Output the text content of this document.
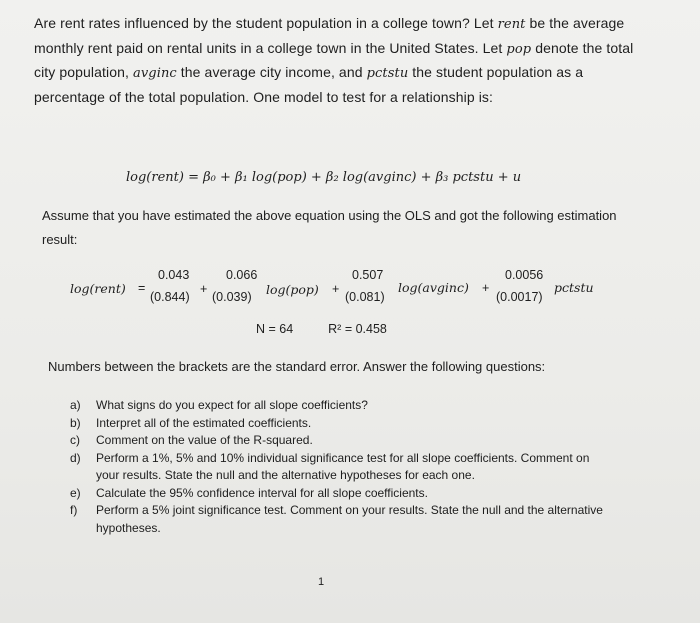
Are rent rates influenced by the student population in a college town? Let rent be the average monthly rent paid on rental units in a college town in the United States. Let pop denote the total city population, avginc the average city income, and pctstu the student population as a percentage of the total population. One model to test for a relationship is:

log(rent) = β₀ + β₁ log(pop) + β₂ log(avginc) + β₃ pctstu + u

Assume that you have estimated the above equation using the OLS and got the following estimation result:

log(rent) =
0.043
(0.844)
+
0.066
(0.039) log(pop) +
0.507
(0.081)
log(avginc) +
0.0056
(0.0017)
pctstu
N = 64	R² = 0.458
Numbers between the brackets are the standard error. Answer the following questions:
a) What signs do you expect for all slope coefficients?
b) Interpret all of the estimated coefficients.
c) Comment on the value of the R-squared.
d) Perform a 1%, 5% and 10% individual significance test for all slope coefficients. Comment on your results. State the null and the alternative hypotheses for each one.
e) Calculate the 95% confidence interval for all slope coefficients.
f) Perform a 5% joint significance test. Comment on your results. State the null and the alternative hypotheses.
1
